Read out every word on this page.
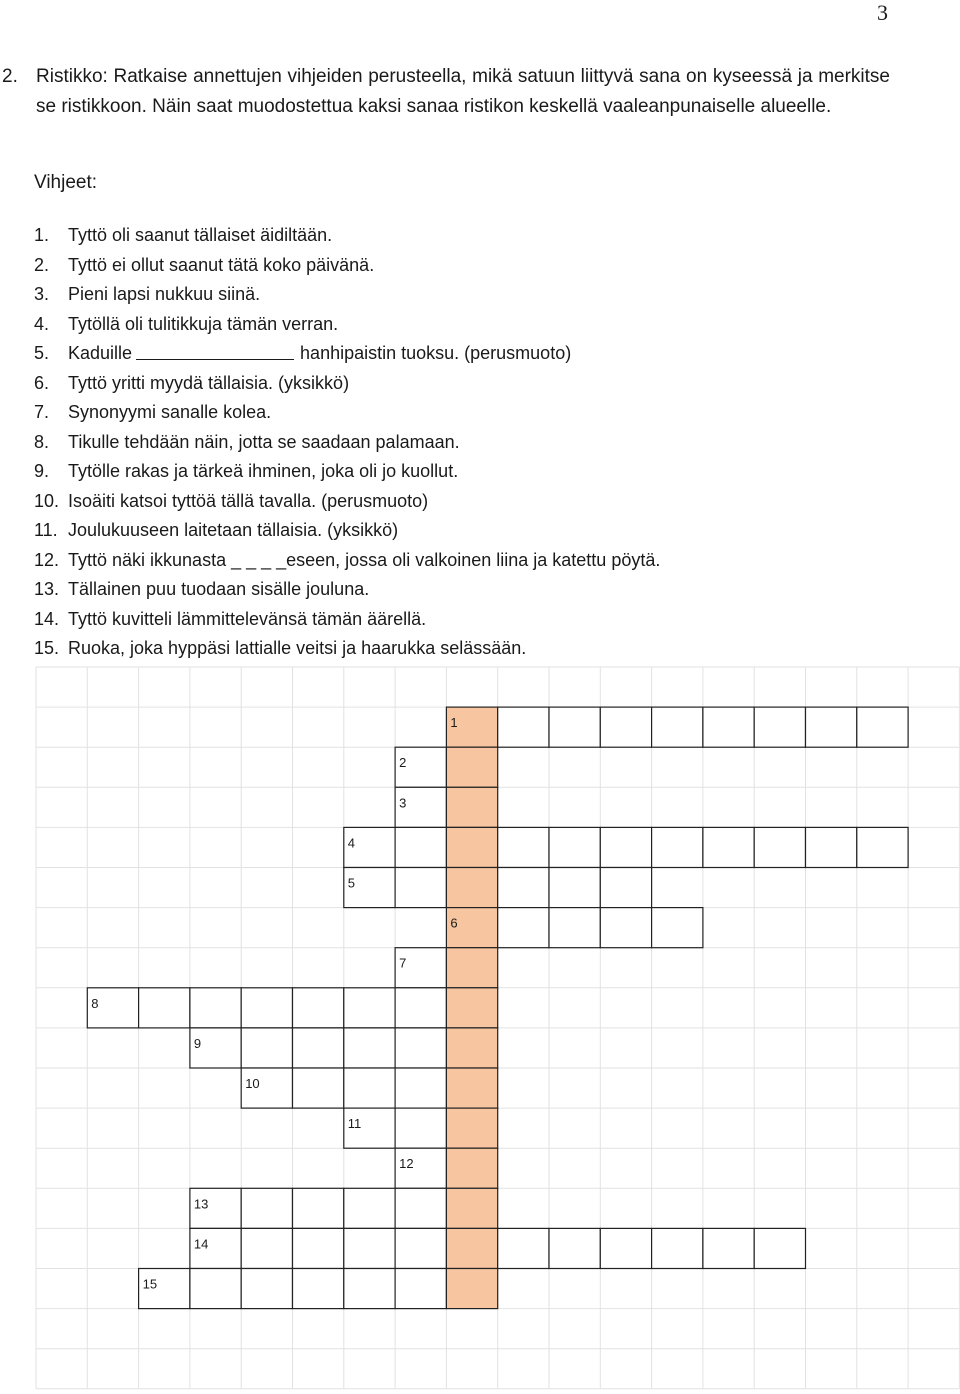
3
2. Ristikko: Ratkaise annettujen vihjeiden perusteella, mikä satuun liittyvä sana on kyseessä ja merkitse se ristikkoon. Näin saat muodostettua kaksi sanaa ristikon keskellä vaaleanpunaiselle alueelle.
Vihjeet:
1.	Tyttö oli saanut tällaiset äidiltään.
2.	Tyttö ei ollut saanut tätä koko päivänä.
3.	Pieni lapsi nukkuu siinä.
4.	Tytöllä oli tulitikkuja tämän verran.
5.	Kaduille	hanhipaistin tuoksu. (perusmuoto)
6.	Tyttö yritti myydä tällaisia. (yksikkö)
7.	Synonyymi sanalle kolea.
8.	Tikulle tehdään näin, jotta se saadaan palamaan.
9.	Tytölle rakas ja tärkeä ihminen, joka oli jo kuollut.
10. Isoäiti katsoi tyttöä tällä tavalla. (perusmuoto)
11. Joulukuuseen laitetaan tällaisia. (yksikkö)
12. Tyttö näki ikkunasta _ _ _ _eseen, jossa oli valkoinen liina ja katettu pöytä.
13. Tällainen puu tuodaan sisälle jouluna.
14. Tyttö kuvitteli lämmittelevänsä tämän äärellä.
15. Ruoka, joka hyppäsi lattialle veitsi ja haarukka selässään.
1
2
3
4
5
6
7
8
9
10
11
12
13
14
15
